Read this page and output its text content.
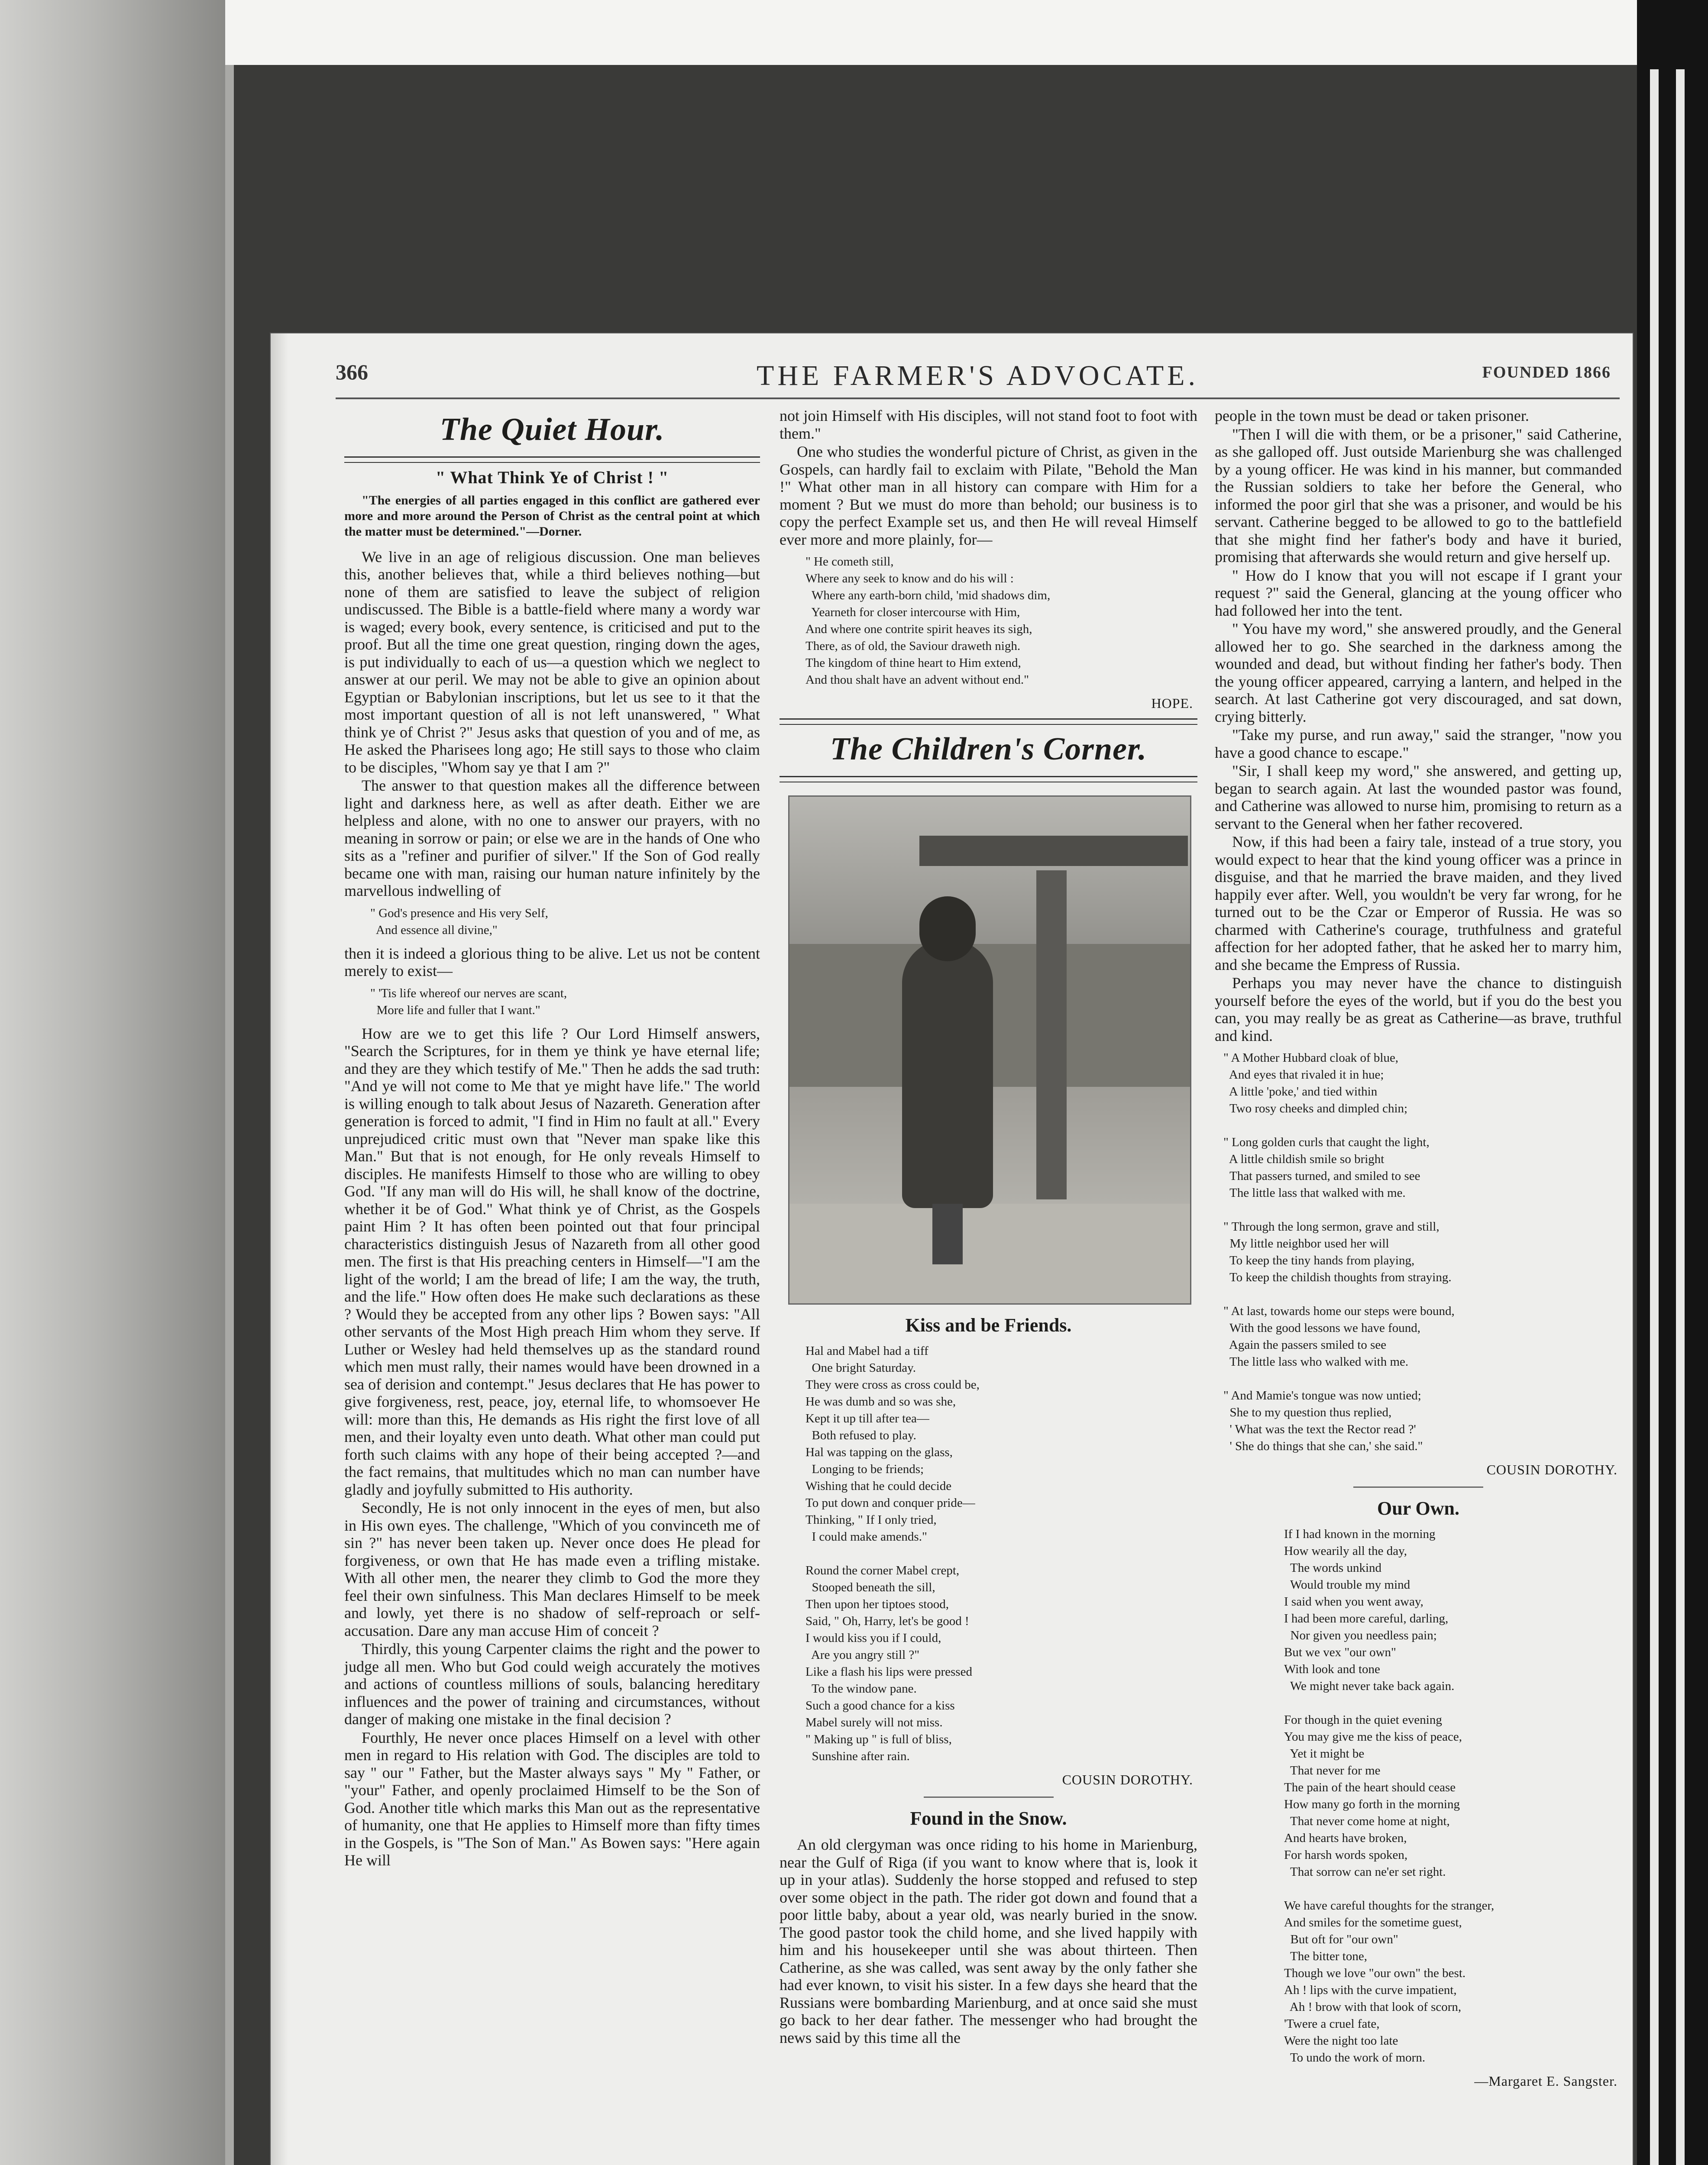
366	THE FARMER'S ADVOCATE.	FOUNDED 1866
The Quiet Hour.
" What Think Ye of Christ ! "
"The energies of all parties engaged in this conflict are gathered ever more and more around the Person of Christ as the central point at which the matter must be determined."—Dorner.

We live in an age of religious discussion. One man believes this, another believes that, while a third believes nothing—but none of them are satisfied to leave the subject of religion undiscussed. The Bible is a battle-field where many a wordy war is waged; every book, every sentence, is criticised and put to the proof. But all the time one great question, ringing down the ages, is put individually to each of us—a question which we neglect to answer at our peril. We may not be able to give an opinion about Egyptian or Babylonian inscriptions, but let us see to it that the most important question of all is not left unanswered, " What think ye of Christ ?" Jesus asks that question of you and of me, as He asked the Pharisees long ago; He still says to those who claim to be disciples, "Whom say ye that I am ?"

The answer to that question makes all the difference between light and darkness here, as well as after death. Either we are helpless and alone, with no one to answer our prayers, with no meaning in sorrow or pain; or else we are in the hands of One who sits as a "refiner and purifier of silver." If the Son of God really became one with man, raising our human nature infinitely by the marvellous indwelling of

" God's presence and His very Self,
And essence all divine,"

then it is indeed a glorious thing to be alive. Let us not be content merely to exist—

" 'Tis life whereof our nerves are scant,
More life and fuller that I want."

How are we to get this life ? Our Lord Himself answers, "Search the Scriptures, for in them ye think ye have eternal life; and they are they which testify of Me." Then he adds the sad truth: "And ye will not come to Me that ye might have life." The world is willing enough to talk about Jesus of Nazareth. Generation after generation is forced to admit, "I find in Him no fault at all." Every unprejudiced critic must own that "Never man spake like this Man." But that is not enough, for He only reveals Himself to disciples. He manifests Himself to those who are willing to obey God. "If any man will do His will, he shall know of the doctrine, whether it be of God." What think ye of Christ, as the Gospels paint Him ? It has often been pointed out that four principal characteristics distinguish Jesus of Nazareth from all other good men. The first is that His preaching centers in Himself—"I am the light of the world; I am the bread of life; I am the way, the truth, and the life." How often does He make such declarations as these ? Would they be accepted from any other lips ? Bowen says: "All other servants of the Most High preach Him whom they serve. If Luther or Wesley had held themselves up as the standard round which men must rally, their names would have been drowned in a sea of derision and contempt." Jesus declares that He has power to give forgiveness, rest, peace, joy, eternal life, to whomsoever He will: more than this, He demands as His right the first love of all men, and their loyalty even unto death. What other man could put forth such claims with any hope of their being accepted ?—and the fact remains, that multitudes which no man can number have gladly and joyfully submitted to His authority.

Secondly, He is not only innocent in the eyes of men, but also in His own eyes. The challenge, "Which of you convinceth me of sin ?" has never been taken up. Never once does He plead for forgiveness, or own that He has made even a trifling mistake. With all other men, the nearer they climb to God the more they feel their own sinfulness. This Man declares Himself to be meek and lowly, yet there is no shadow of self-reproach or self-accusation. Dare any man accuse Him of conceit ?

Thirdly, this young Carpenter claims the right and the power to judge all men. Who but God could weigh accurately the motives and actions of countless millions of souls, balancing hereditary influences and the power of training and circumstances, without danger of making one mistake in the final decision ?

Fourthly, He never once places Himself on a level with other men in regard to His relation with God. The disciples are told to say " our " Father, but the Master always says " My " Father, or "your" Father, and openly proclaimed Himself to be the Son of God. Another title which marks this Man out as the representative of humanity, one that He applies to Himself more than fifty times in the Gospels, is "The Son of Man." As Bowen says: "Here again He will

not join Himself with His disciples, will not stand foot to foot with them."

One who studies the wonderful picture of Christ, as given in the Gospels, can hardly fail to exclaim with Pilate, "Behold the Man !" What other man in all history can compare with Him for a moment ? But we must do more than behold; our business is to copy the perfect Example set us, and then He will reveal Himself ever more and more plainly, for—

" He cometh still,
Where any seek to know and do his will :
Where any earth-born child, 'mid shadows dim,
Yearneth for closer intercourse with Him,
And where one contrite spirit heaves its sigh,
There, as of old, the Saviour draweth nigh.
The kingdom of thine heart to Him extend,
And thou shalt have an advent without end."
HOPE.
The Children's Corner.
Kiss and be Friends.
Hal and Mabel had a tiff
One bright Saturday.
They were cross as cross could be,
He was dumb and so was she,
Kept it up till after tea—
Both refused to play.
Hal was tapping on the glass,
Longing to be friends;
Wishing that he could decide
To put down and conquer pride—
Thinking, " If I only tried,
I could make amends."

Round the corner Mabel crept,
Stooped beneath the sill,
Then upon her tiptoes stood,
Said, " Oh, Harry, let's be good !
I would kiss you if I could,
Are you angry still ?"
Like a flash his lips were pressed
To the window pane.
Such a good chance for a kiss
Mabel surely will not miss.
" Making up " is full of bliss,
Sunshine after rain.
COUSIN DOROTHY.
Found in the Snow.

An old clergyman was once riding to his home in Marienburg, near the Gulf of Riga (if you want to know where that is, look it up in your atlas). Suddenly the horse stopped and refused to step over some object in the path. The rider got down and found that a poor little baby, about a year old, was nearly buried in the snow. The good pastor took the child home, and she lived happily with him and his housekeeper until she was about thirteen. Then Catherine, as she was called, was sent away by the only father she had ever known, to visit his sister. In a few days she heard that the Russians were bombarding Marienburg, and at once said she must go back to her dear father. The messenger who had brought the news said by this time all the

people in the town must be dead or taken prisoner.

"Then I will die with them, or be a prisoner," said Catherine, as she galloped off. Just outside Marienburg she was challenged by a young officer. He was kind in his manner, but commanded the Russian soldiers to take her before the General, who informed the poor girl that she was a prisoner, and would be his servant. Catherine begged to be allowed to go to the battlefield that she might find her father's body and have it buried, promising that afterwards she would return and give herself up.

" How do I know that you will not escape if I grant your request ?" said the General, glancing at the young officer who had followed her into the tent.

" You have my word," she answered proudly, and the General allowed her to go. She searched in the darkness among the wounded and dead, but without finding her father's body. Then the young officer appeared, carrying a lantern, and helped in the search. At last Catherine got very discouraged, and sat down, crying bitterly.

"Take my purse, and run away," said the stranger, "now you have a good chance to escape."

"Sir, I shall keep my word," she answered, and getting up, began to search again. At last the wounded pastor was found, and Catherine was allowed to nurse him, promising to return as a servant to the General when her father recovered.

Now, if this had been a fairy tale, instead of a true story, you would expect to hear that the kind young officer was a prince in disguise, and that he married the brave maiden, and they lived happily ever after. Well, you wouldn't be very far wrong, for he turned out to be the Czar or Emperor of Russia. He was so charmed with Catherine's courage, truthfulness and grateful affection for her adopted father, that he asked her to marry him, and she became the Empress of Russia.

Perhaps you may never have the chance to distinguish yourself before the eyes of the world, but if you do the best you can, you may really be as great as Catherine—as brave, truthful and kind.

" A Mother Hubbard cloak of blue,
And eyes that rivaled it in hue;
A little 'poke,' and tied within
Two rosy cheeks and dimpled chin;

" Long golden curls that caught the light,
A little childish smile so bright
That passers turned, and smiled to see
The little lass that walked with me.

" Through the long sermon, grave and still,
My little neighbor used her will
To keep the tiny hands from playing,
To keep the childish thoughts from straying.

" At last, towards home our steps were bound,
With the good lessons we have found,
Again the passers smiled to see
The little lass who walked with me.

" And Mamie's tongue was now untied;
She to my question thus replied,
' What was the text the Rector read ?'
' She do things that she can,' she said."
COUSIN DOROTHY.
Our Own.
If I had known in the morning
How wearily all the day,
The words unkind
Would trouble my mind
I said when you went away,
I had been more careful, darling,
Nor given you needless pain;
But we vex "our own"
With look and tone
We might never take back again.

For though in the quiet evening
You may give me the kiss of peace,
Yet it might be
That never for me
The pain of the heart should cease
How many go forth in the morning
That never come home at night,
And hearts have broken,
For harsh words spoken,
That sorrow can ne'er set right.

We have careful thoughts for the stranger,
And smiles for the sometime guest,
But oft for "our own"
The bitter tone,
Though we love "our own" the best.
Ah ! lips with the curve impatient,
Ah ! brow with that look of scorn,
'Twere a cruel fate,
Were the night too late
To undo the work of morn.
—Margaret E. Sangster.
